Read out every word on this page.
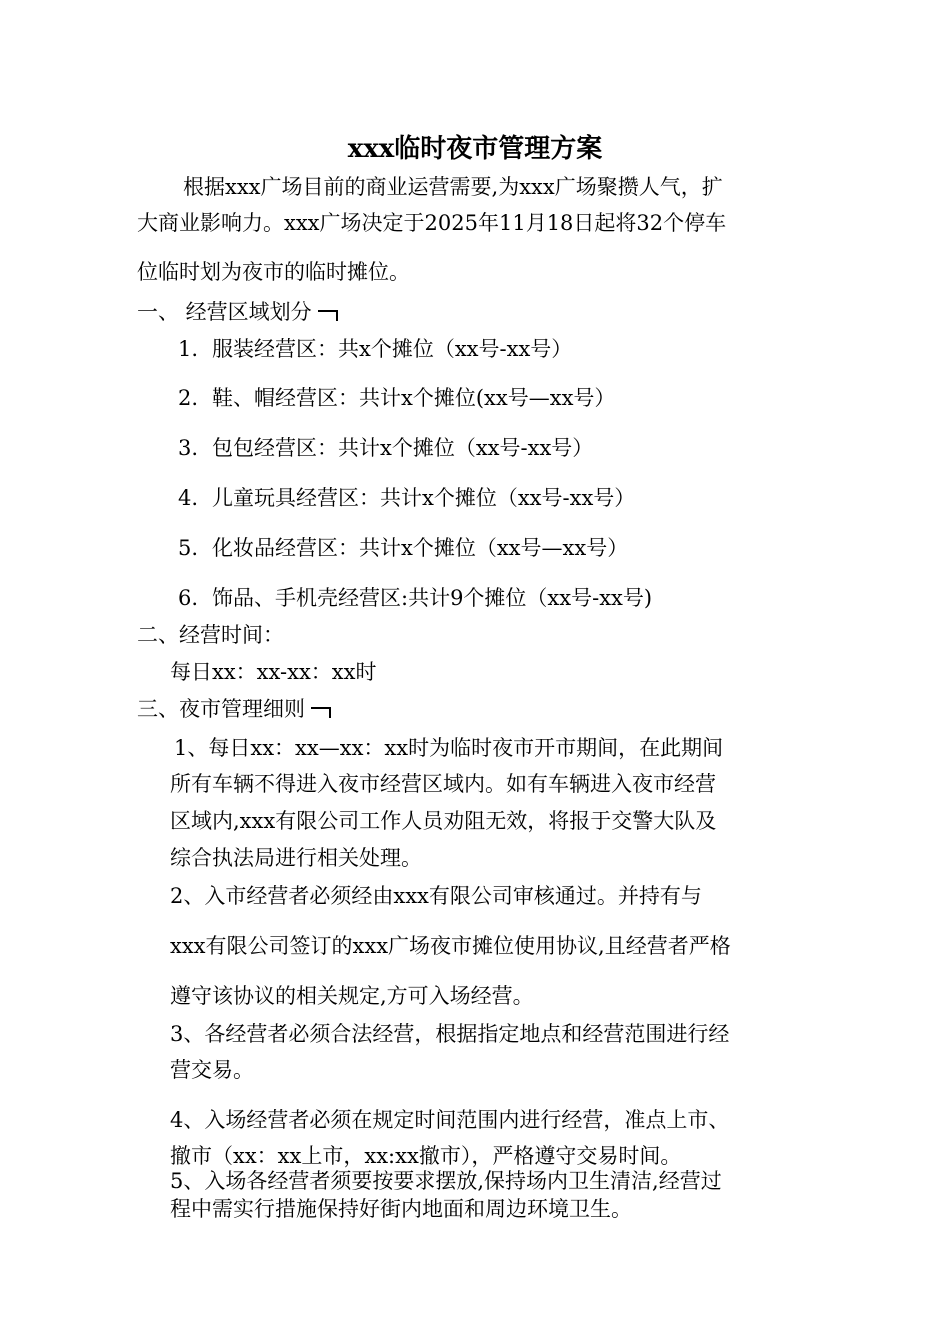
xxx临时夜市管理方案
根据xxx广场目前的商业运营需要,为xxx广场聚攒人气，扩
大商业影响力。xxx广场决定于2025年11月18日起将32个停车
位临时划为夜市的临时摊位。
一、 经营区域划分
1. 服装经营区：共x个摊位（xx号-xx号）
2. 鞋、帽经营区：共计x个摊位(xx号—xx号）
3. 包包经营区：共计x个摊位（xx号-xx号）
4. 儿童玩具经营区：共计x个摊位（xx号-xx号）
5. 化妆品经营区：共计x个摊位（xx号—xx号）
6. 饰品、手机壳经营区:共计9个摊位（xx号-xx号)
二、经营时间：
每日xx：xx-xx：xx时
三、夜市管理细则
1、每日xx：xx—xx：xx时为临时夜市开市期间，在此期间
所有车辆不得进入夜市经营区域内。如有车辆进入夜市经营
区域内,xxx有限公司工作人员劝阻无效，将报于交警大队及
综合执法局进行相关处理。
2、入市经营者必须经由xxx有限公司审核通过。并持有与
xxx有限公司签订的xxx广场夜市摊位使用协议,且经营者严格
遵守该协议的相关规定,方可入场经营。
3、各经营者必须合法经营，根据指定地点和经营范围进行经
营交易。
4、入场经营者必须在规定时间范围内进行经营，准点上市、
撤市（xx：xx上市，xx:xx撤市），严格遵守交易时间。
5、入场各经营者须要按要求摆放,保持场内卫生清洁,经营过
程中需实行措施保持好街内地面和周边环境卫生。
